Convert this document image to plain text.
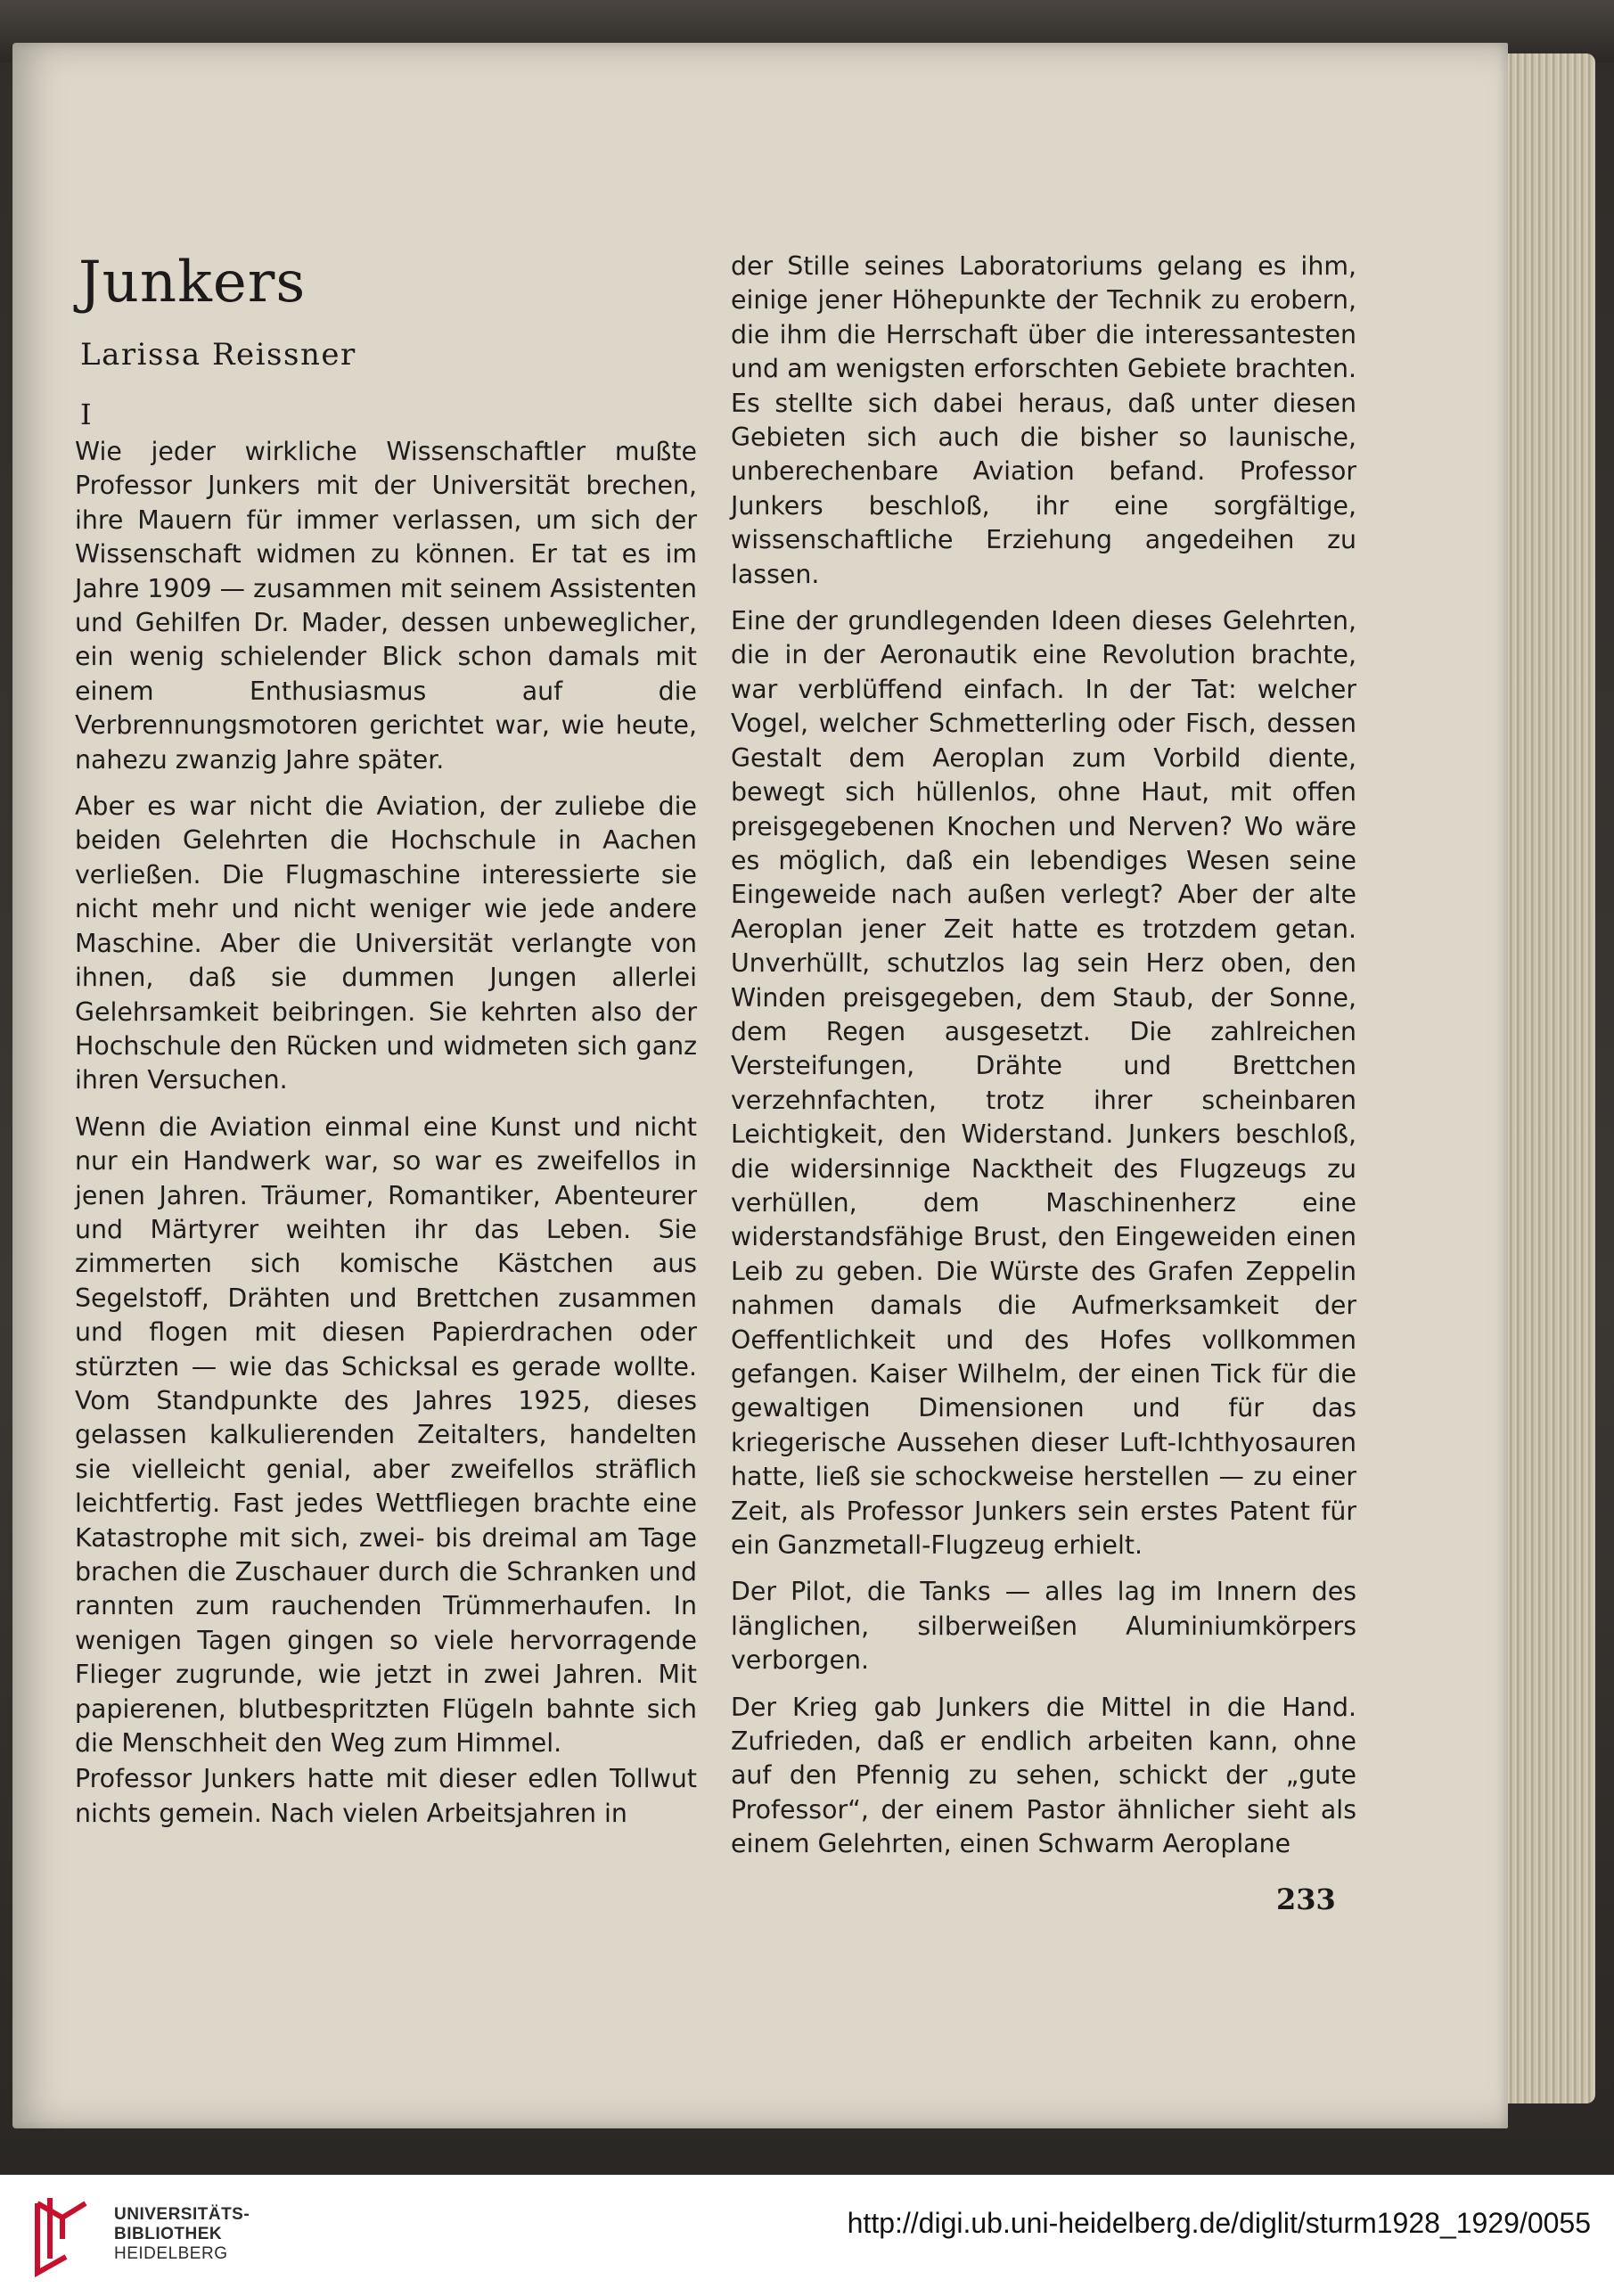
Junkers
Larissa Reissner
I

Wie jeder wirkliche Wissenschaftler mußte Professor Junkers mit der Universität brechen, ihre Mauern für immer verlassen, um sich der Wissenschaft widmen zu können. Er tat es im Jahre 1909 — zusammen mit seinem Assistenten und Gehilfen Dr. Mader, dessen unbeweglicher, ein wenig schielender Blick schon damals mit einem Enthusiasmus auf die Verbrennungsmotoren gerichtet war, wie heute, nahezu zwanzig Jahre später.

Aber es war nicht die Aviation, der zuliebe die beiden Gelehrten die Hochschule in Aachen verließen. Die Flugmaschine interessierte sie nicht mehr und nicht weniger wie jede andere Maschine. Aber die Universität verlangte von ihnen, daß sie dummen Jungen allerlei Gelehrsamkeit beibringen. Sie kehrten also der Hochschule den Rücken und widmeten sich ganz ihren Versuchen.

Wenn die Aviation einmal eine Kunst und nicht nur ein Handwerk war, so war es zweifellos in jenen Jahren. Träumer, Romantiker, Abenteurer und Märtyrer weihten ihr das Leben. Sie zimmerten sich komische Kästchen aus Segelstoff, Drähten und Brettchen zusammen und flogen mit diesen Papierdrachen oder stürzten — wie das Schicksal es gerade wollte. Vom Standpunkte des Jahres 1925, dieses gelassen kalkulierenden Zeitalters, handelten sie vielleicht genial, aber zweifellos sträflich leichtfertig. Fast jedes Wettfliegen brachte eine Katastrophe mit sich, zwei- bis dreimal am Tage brachen die Zuschauer durch die Schranken und rannten zum rauchenden Trümmerhaufen. In wenigen Tagen gingen so viele hervorragende Flieger zugrunde, wie jetzt in zwei Jahren. Mit papierenen, blutbespritzten Flügeln bahnte sich die Menschheit den Weg zum Himmel.

Professor Junkers hatte mit dieser edlen Tollwut nichts gemein. Nach vielen Arbeitsjahren in

der Stille seines Laboratoriums gelang es ihm, einige jener Höhepunkte der Technik zu erobern, die ihm die Herrschaft über die interessantesten und am wenigsten erforschten Gebiete brachten. Es stellte sich dabei heraus, daß unter diesen Gebieten sich auch die bisher so launische, unberechenbare Aviation befand. Professor Junkers beschloß, ihr eine sorgfältige, wissenschaftliche Erziehung angedeihen zu lassen.

Eine der grundlegenden Ideen dieses Gelehrten, die in der Aeronautik eine Revolution brachte, war verblüffend einfach. In der Tat: welcher Vogel, welcher Schmetterling oder Fisch, dessen Gestalt dem Aeroplan zum Vorbild diente, bewegt sich hüllenlos, ohne Haut, mit offen preisgegebenen Knochen und Nerven? Wo wäre es möglich, daß ein lebendiges Wesen seine Eingeweide nach außen verlegt? Aber der alte Aeroplan jener Zeit hatte es trotzdem getan. Unverhüllt, schutzlos lag sein Herz oben, den Winden preisgegeben, dem Staub, der Sonne, dem Regen ausgesetzt. Die zahlreichen Versteifungen, Drähte und Brettchen verzehnfachten, trotz ihrer scheinbaren Leichtigkeit, den Widerstand. Junkers beschloß, die widersinnige Nacktheit des Flugzeugs zu verhüllen, dem Maschinenherz eine widerstandsfähige Brust, den Eingeweiden einen Leib zu geben. Die Würste des Grafen Zeppelin nahmen damals die Aufmerksamkeit der Oeffentlichkeit und des Hofes vollkommen gefangen. Kaiser Wilhelm, der einen Tick für die gewaltigen Dimensionen und für das kriegerische Aussehen dieser Luft-Ichthyosauren hatte, ließ sie schockweise herstellen — zu einer Zeit, als Professor Junkers sein erstes Patent für ein Ganzmetall-Flugzeug erhielt.

Der Pilot, die Tanks — alles lag im Innern des länglichen, silberweißen Aluminiumkörpers verborgen.

Der Krieg gab Junkers die Mittel in die Hand. Zufrieden, daß er endlich arbeiten kann, ohne auf den Pfennig zu sehen, schickt der „gute Professor“, der einem Pastor ähnlicher sieht als einem Gelehrten, einen Schwarm Aeroplane

233
UNIVERSITÄTS-
BIBLIOTHEK
HEIDELBERG
http://digi.ub.uni-heidelberg.de/diglit/sturm1928_1929/0055
